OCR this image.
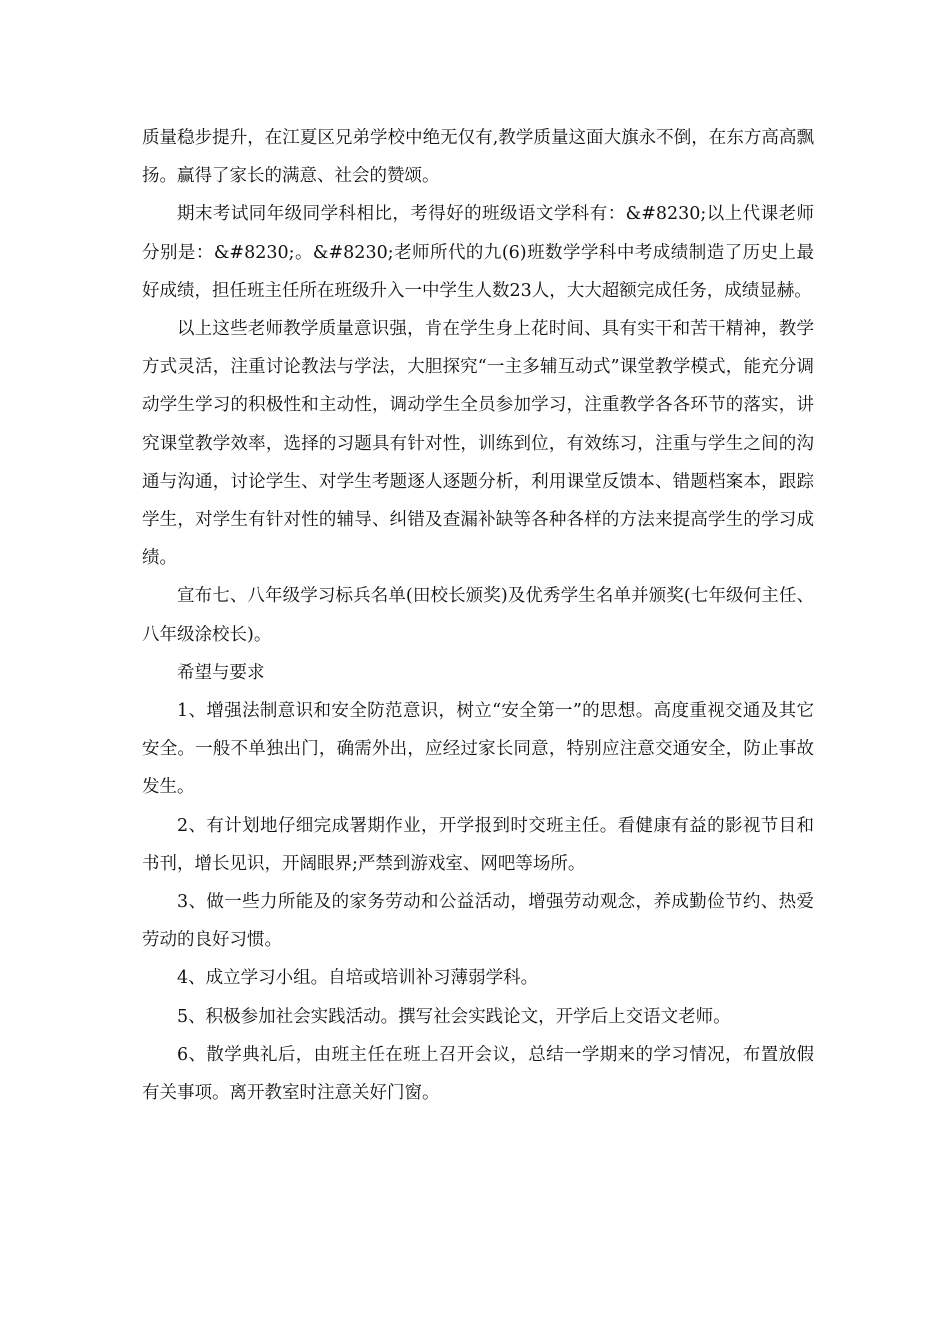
质量稳步提升，在江夏区兄弟学校中绝无仅有,教学质量这面大旗永不倒，在东方高高飘扬。赢得了家长的满意、社会的赞颂。

期末考试同年级同学科相比，考得好的班级语文学科有：&#8230;以上代课老师分别是：&#8230;。&#8230;老师所代的九(6)班数学学科中考成绩制造了历史上最好成绩，担任班主任所在班级升入一中学生人数23人，大大超额完成任务，成绩显赫。

以上这些老师教学质量意识强，肯在学生身上花时间、具有实干和苦干精神，教学方式灵活，注重讨论教法与学法，大胆探究“一主多辅互动式”课堂教学模式，能充分调动学生学习的积极性和主动性，调动学生全员参加学习，注重教学各各环节的落实，讲究课堂教学效率，选择的习题具有针对性，训练到位，有效练习，注重与学生之间的沟通与沟通，讨论学生、对学生考题逐人逐题分析，利用课堂反馈本、错题档案本，跟踪学生，对学生有针对性的辅导、纠错及查漏补缺等各种各样的方法来提高学生的学习成绩。

宣布七、八年级学习标兵名单(田校长颁奖)及优秀学生名单并颁奖(七年级何主任、八年级涂校长)。

希望与要求

1、增强法制意识和安全防范意识，树立“安全第一”的思想。高度重视交通及其它安全。一般不单独出门，确需外出，应经过家长同意，特别应注意交通安全，防止事故发生。

2、有计划地仔细完成署期作业，开学报到时交班主任。看健康有益的影视节目和书刊，增长见识，开阔眼界;严禁到游戏室、网吧等场所。

3、做一些力所能及的家务劳动和公益活动，增强劳动观念，养成勤俭节约、热爱劳动的良好习惯。

4、成立学习小组。自培或培训补习薄弱学科。

5、积极参加社会实践活动。撰写社会实践论文，开学后上交语文老师。

6、散学典礼后，由班主任在班上召开会议，总结一学期来的学习情况，布置放假有关事项。离开教室时注意关好门窗。
